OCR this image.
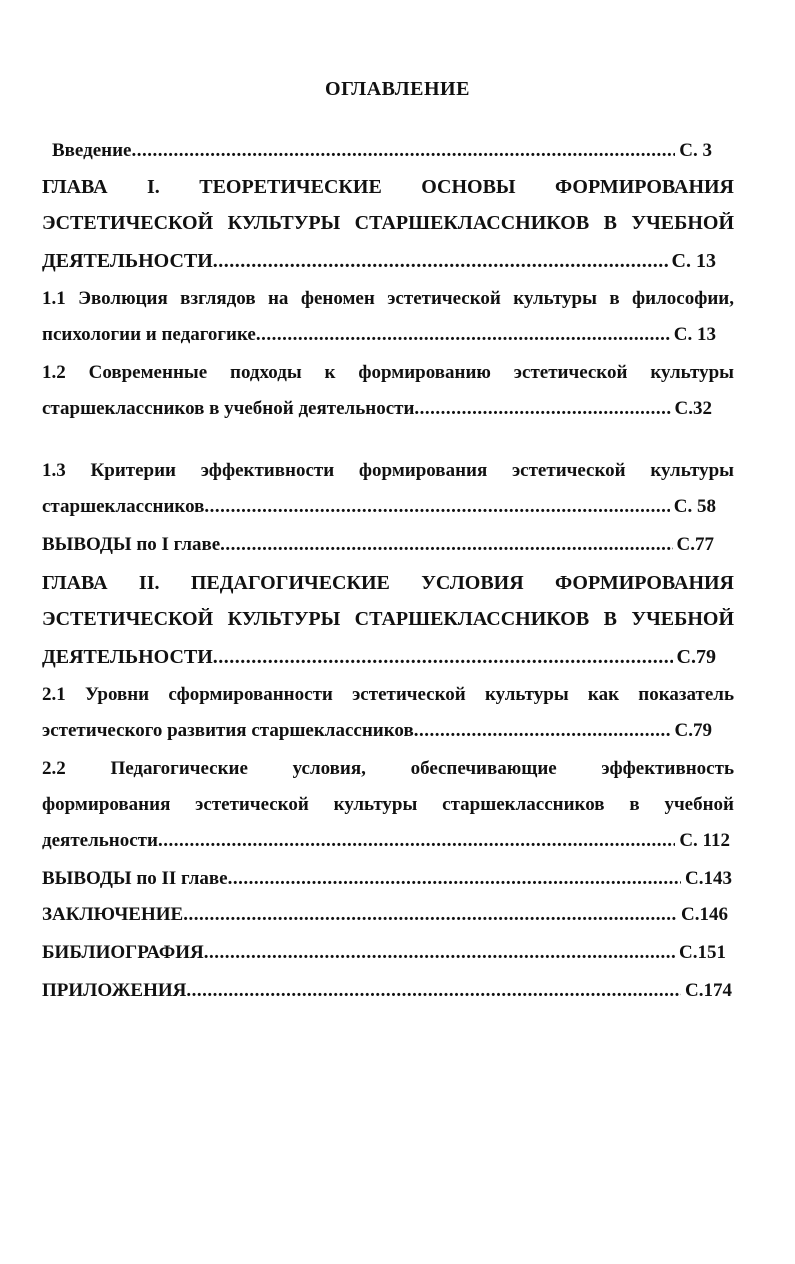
ОГЛАВЛЕНИЕ
Введение .....	С. 3
ГЛАВА I. ТЕОРЕТИЧЕСКИЕ ОСНОВЫ ФОРМИРОВАНИЯ
ЭСТЕТИЧЕСКОЙ КУЛЬТУРЫ СТАРШЕКЛАССНИКОВ В УЧЕБНОЙ
ДЕЯТЕЛЬНОСТИ .....	С. 13
1.1 Эволюция взглядов на феномен эстетической культуры в философии,
психологии и педагогике .....	С. 13
1.2 Современные подходы к формированию эстетической культуры
старшеклассников в учебной деятельности .....	С.32
1.3 Критерии эффективности формирования эстетической культуры
старшеклассников .....	С. 58
ВЫВОДЫ по I главе .....	С.77
ГЛАВА II. ПЕДАГОГИЧЕСКИЕ УСЛОВИЯ ФОРМИРОВАНИЯ
ЭСТЕТИЧЕСКОЙ КУЛЬТУРЫ СТАРШЕКЛАССНИКОВ В УЧЕБНОЙ
ДЕЯТЕЛЬНОСТИ .....	С.79
2.1 Уровни сформированности эстетической культуры как показатель
эстетического развития старшеклассников .....	С.79
2.2 Педагогические условия, обеспечивающие эффективность
формирования эстетической культуры старшеклассников в учебной
деятельности .....	С. 112
ВЫВОДЫ по II главе .....	С.143
ЗАКЛЮЧЕНИЕ .....	С.146
БИБЛИОГРАФИЯ .....	С.151
ПРИЛОЖЕНИЯ .....	С.174
